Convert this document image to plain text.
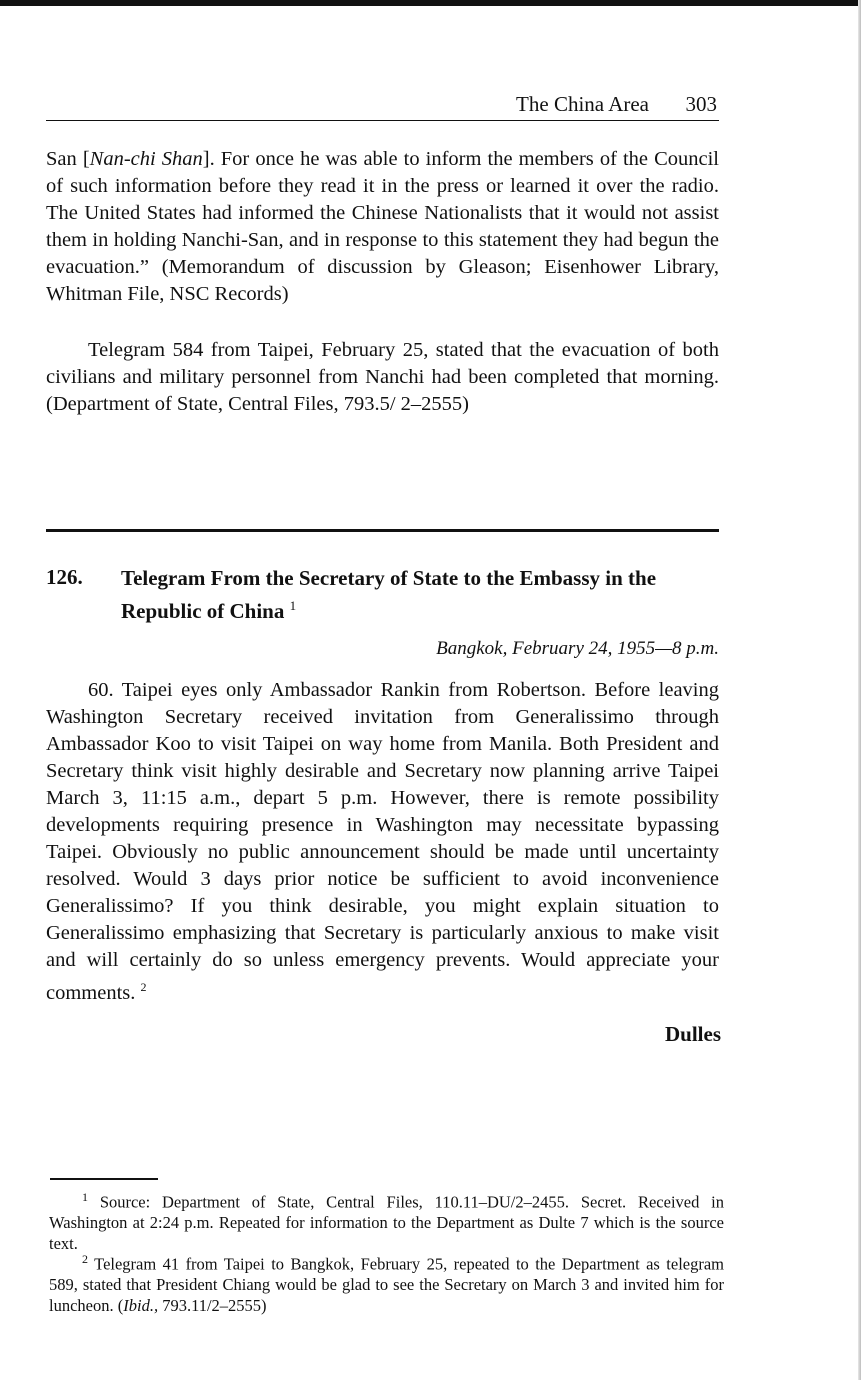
The China Area 303

San [Nan-chi Shan]. For once he was able to inform the members of the Council of such information before they read it in the press or learned it over the radio. The United States had informed the Chinese Nationalists that it would not assist them in holding Nanchi-San, and in response to this statement they had begun the evacuation.” (Memorandum of discussion by Gleason; Eisenhower Library, Whitman File, NSC Records)

Telegram 584 from Taipei, February 25, stated that the evacuation of both civilians and military personnel from Nanchi had been completed that morning. (Department of State, Central Files, 793.5/ 2–2555)

126. Telegram From the Secretary of State to the Embassy in the Republic of China $^1$
Bangkok, February 24, 1955—8 p.m.

60. Taipei eyes only Ambassador Rankin from Robertson. Before leaving Washington Secretary received invitation from Generalissimo through Ambassador Koo to visit Taipei on way home from Manila. Both President and Secretary think visit highly desirable and Secretary now planning arrive Taipei March 3, 11:15 a.m., depart 5 p.m. However, there is remote possibility developments requiring presence in Washington may necessitate bypassing Taipei. Obviously no public announcement should be made until uncertainty resolved. Would 3 days prior notice be sufficient to avoid inconvenience Generalissimo? If you think desirable, you might explain situation to Generalissimo emphasizing that Secretary is particularly anxious to make visit and will certainly do so unless emergency prevents. Would appreciate your comments. $^2$

Dulles

$^1$ Source: Department of State, Central Files, 110.11–DU/2–2455. Secret. Received in Washington at 2:24 p.m. Repeated for information to the Department as Dulte 7 which is the source text.

$^2$ Telegram 41 from Taipei to Bangkok, February 25, repeated to the Department as telegram 589, stated that President Chiang would be glad to see the Secretary on March 3 and invited him for luncheon. (Ibid., 793.11/2–2555)
